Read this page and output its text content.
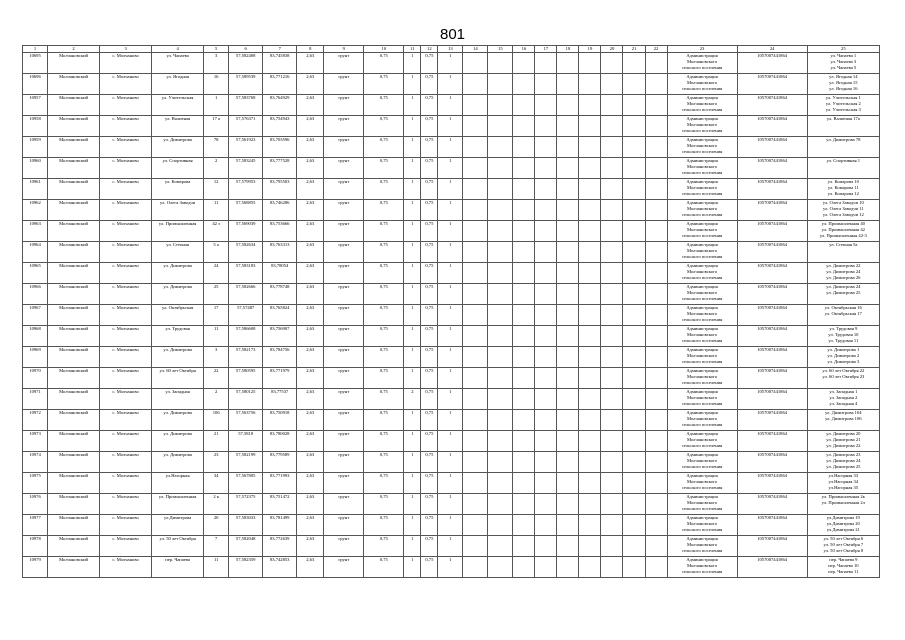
801
1	2	3	4	5	6	7	8	9	10	11	12	13	14	15	16	17	18	19	20	21	22	23	24	25
10695	Молчановский	с. Молчаново	ул. Чапаева	3	57,582408	83,745838	2,63	грунт	0,75	1	0,75	1										Администрация
Молчановского
сельского поселения	1057007441864	ул. Чапаева 1
ул. Чапаева 3
ул. Чапаева 5

10696	Молчановский	с. Молчаново	ул. Ягодная	16	57,589539	83,771216	2,63	грунт	0,75	1	0,75	1										Администрация
Молчановского
сельского поселения	1057007441864	ул. Ягодная 14
ул. Ягодная 15
ул. Ягодная 16

10957	Молчановский	с. Молчаново	ул. Учительская	1	57,583768	83,764929	2,63	грунт	0,75	1	0,75	1										Администрация
Молчановского
сельского поселения	1057007441864	ул. Учительская 1
ул. Учительская 2
ул. Учительская 3

10958	Молчановский	с. Молчаново	ул. Валиеная	17 а	57,576371	83,754943	2,63	грунт	0,75	1	0,75	1										Администрация
Молчановского
сельского поселения	1057007441864	ул. Валиеная 17а

10959	Молчановский	с. Молчаново	ул. Димитрова	78	57,561923	83,703596	2,63	грунт	0,75	1	0,75	1										Администрация
Молчановского
сельского поселения	1057007441864	ул. Димитрова 78

10960	Молчановский	с. Молчаново	ул. Спортивная	2	57,583245	83,777528	2,63	грунт	0,75	1	0,75	1										Администрация
Молчановского
сельского поселения	1057007441864	ул. Спортивная 1

10961	Молчановский	с. Молчаново	ул. Комарова	12	57,579953	83,795503	2,63	грунт	0,75	1	0,75	1										Администрация
Молчановского
сельского поселения	1057007441864	ул. Комарова 10
ул. Комарова 11
ул. Комарова 12

10962	Молчановский	с. Молчаново	ул. Олега Заводчи	11	57,568855	83,746286	2,63	грунт	0,75	1	0,75	1										Администрация
Молчановского
сельского поселения	1057007441864	ул. Олега Заводчи 10
ул. Олега Заводчи 11
ул. Олега Заводчи 12

10963	Молчановский	с. Молчаново	ул. Промышленная	42 з	57,569039	83,753666	2,63	грунт	0,75	1	0,75	1										Администрация
Молчановского
сельского поселения	1057007441864	ул. Промышленная 40
ул. Промышленная 42
ул. Промышленная 42-3

10964	Молчановский	с. Молчаново	ул. Степная	5 а	57,582634	83,763313	2,63	грунт	0,75	1	0,75	1										Администрация
Молчановского
сельского поселения	1057007441864	ул. Степная 5а

10965	Молчановский	с. Молчаново	ул. Димитрова	24	57,583183	83,78054	2,63	грунт	0,75	1	0,75	1										Администрация
Молчановского
сельского поселения	1057007441864	ул. Димитрова 22
ул. Димитрова 24
ул. Димитрова 26

10966	Молчановский	с. Молчаново	ул. Димитрова	25	57,582666	83,778748	2,63	грунт	0,75	1	0,75	1										Администрация
Молчановского
сельского поселения	1057007441864	ул. Димитрова 24
ул. Димитрова 25

10967	Молчановский	с. Молчаново	ул. Октябрьская	17	57,57487	83,765824	2,63	грунт	0,75	1	0,75	1										Администрация
Молчановского
сельского поселения	1057007441864	ул. Октябрьская 16
ул. Октябрьская 17

10968	Молчановский	с. Молчаново	ул. Трудовая	11	57,586608	83,756907	2,63	грунт	0,75	1	0,75	1										Администрация
Молчановского
сельского поселения	1057007441864	ул. Трудовая 9
ул. Трудовая 10
ул. Трудовая 11

10969	Молчановский	с. Молчаново	ул. Димитрова	3	57,582173	83,784756	2,63	грунт	0,75	1	0,75	1										Администрация
Молчановского
сельского поселения	1057007441864	ул. Димитрова 1
ул. Димитрова 2
ул. Димитрова 3

10970	Молчановский	с. Молчаново	ул. 60 лет Октября	22	57,580595	83,771979	2,63	грунт	0,75	1	0,75	1										Администрация
Молчановского
сельского поселения	1057007441864	ул. 60 лет Октября 22
ул. 60 лет Октября 23

10971	Молчановский	с. Молчаново	ул. Западная	2	57,580125	83,77537	2,63	грунт	0,75	2	0,75	1										Администрация
Молчановского
сельского поселения	1057007441864	ул. Западная 1
ул. Западная 2
ул. Западная 4

10972	Молчановский	с. Молчаново	ул. Димитрова	106	57,563756	83,750918	2,63	грунт	0,75	1	0,75	1										Администрация
Молчановского
сельского поселения	1057007441864	ул. Димитрова 104
ул. Димитрова 106

10973	Молчановский	с. Молчаново	ул. Димитрова	21	57,5818	83,780028	2,63	грунт	0,75	1	0,75	1										Администрация
Молчановского
сельского поселения	1057007441864	ул. Димитрова 20
ул. Димитрова 21
ул. Димитрова 22

10974	Молчановский	с. Молчаново	ул. Димитрова	23	57,582199	83,779589	2,63	грунт	0,75	1	0,75	1										Администрация
Молчановского
сельского поселения	1057007441864	ул. Димитрова 23
ул. Димитрова 24
ул. Димитрова 25

10975	Молчановский	с. Молчаново	ул.Нагорная	34	57,567805	83,771993	2,63	грунт	0,75	1	0,75	1										Администрация
Молчановского
сельского поселения	1057007441864	ул.Нагорная 33
ул.Нагорная 34
ул.Нагорная 35

10976	Молчановский	с. Молчаново	ул. Промышленная	2 к	57,572375	83,751472	2,63	грунт	0,75	1	0,75	1										Администрация
Молчановского
сельского поселения	1057007441864	ул. Промышленная 2к
ул. Промышленная 2л

10977	Молчановский	с. Молчаново	ул.Димитрова	20	57,583033	83,781499	2,63	грунт	0,75	1	0,75	1										Администрация
Молчановского
сельского поселения	1057007441864	ул.Димитрова 19
ул.Димитрова 20
ул.Димитрова 21

10978	Молчановский	с. Молчаново	ул. 50 лет Октября	7	57,582048	83,772639	2,63	грунт	0,75	1	0,75	1										Администрация
Молчановского
сельского поселения	1057007441864	ул. 50 лет Октября 6
ул. 50 лет Октября 7
ул. 50 лет Октября 8

10979	Молчановский	с. Молчаново	пер. Чапаева	11	57,582359	83,742853	2,63	грунт	0,75	1	0,75	1										Администрация
Молчановского
сельского поселения	1057007441864	пер. Чапаева 9
пер. Чапаева 10
пер. Чапаева 11
